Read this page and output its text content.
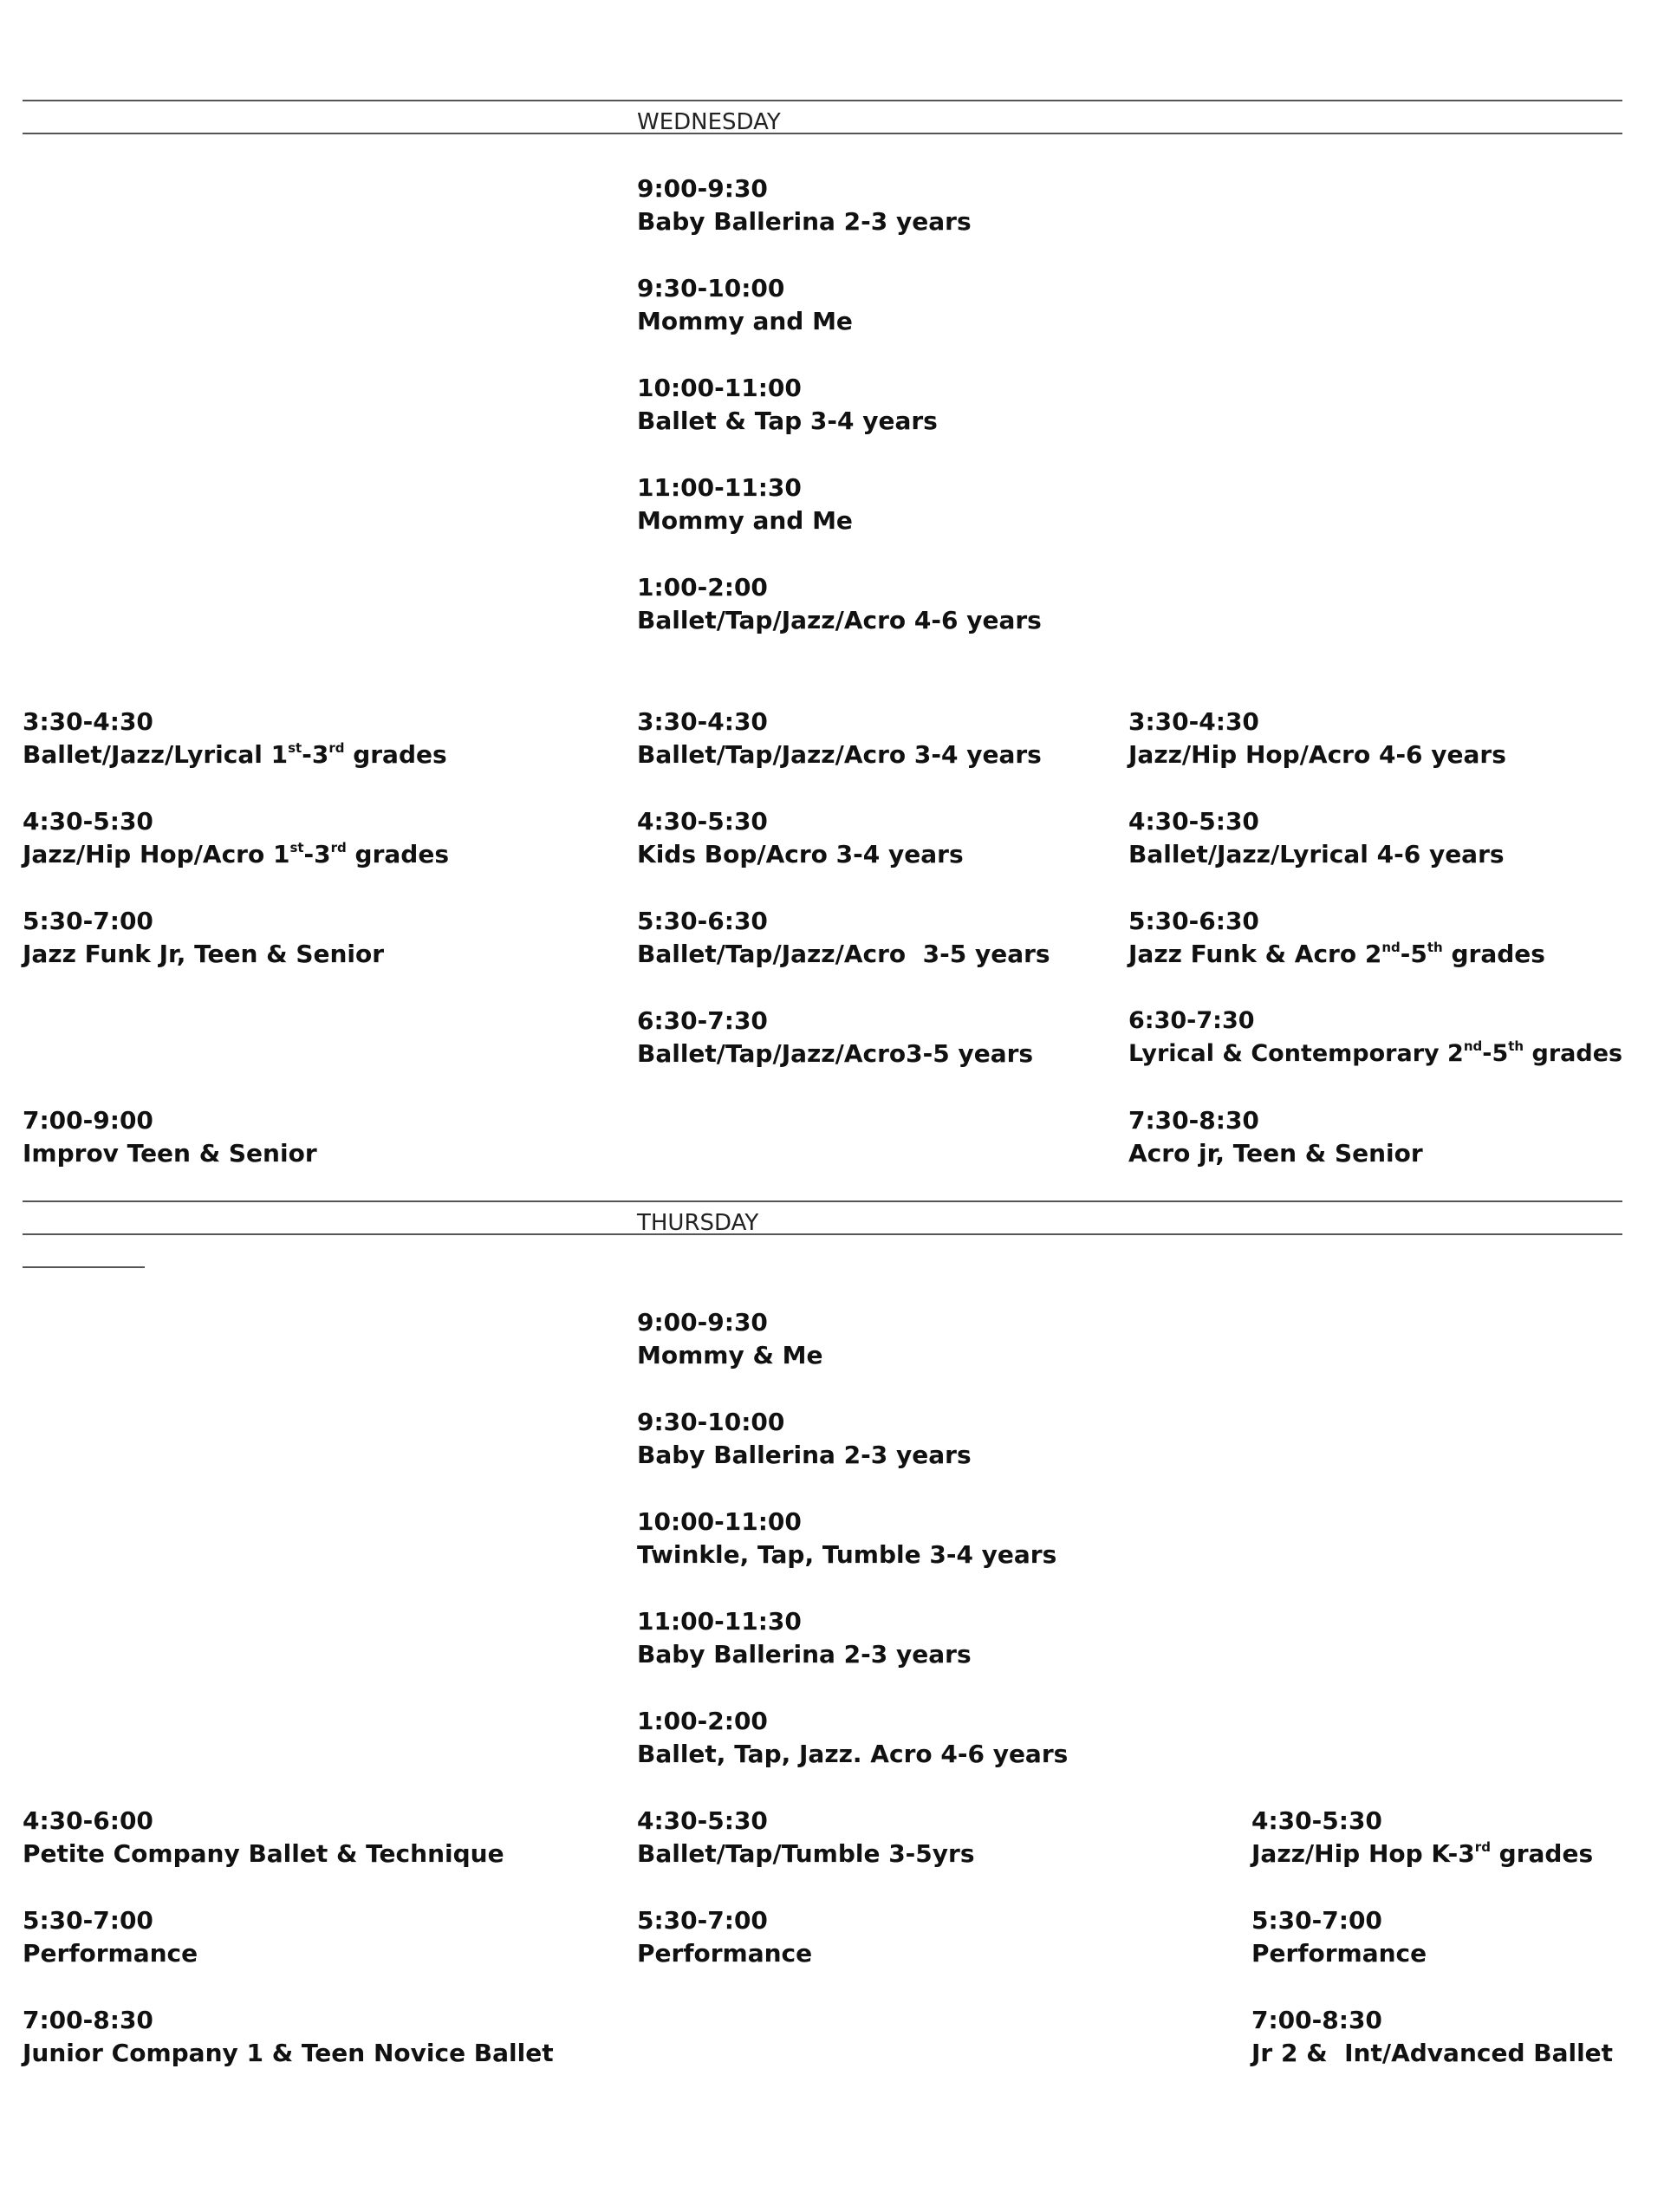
WEDNESDAY
9:00-9:30
Baby Ballerina 2-3 years
9:30-10:00
Mommy and Me
10:00-11:00
Ballet & Tap 3-4 years
11:00-11:30
Mommy and Me
1:00-2:00
Ballet/Tap/Jazz/Acro 4-6 years
3:30-4:30
Ballet/Jazz/Lyrical 1st-3rd grades
4:30-5:30
Jazz/Hip Hop/Acro 1st-3rd grades
5:30-7:00
Jazz Funk Jr, Teen & Senior
7:00-9:00
Improv Teen & Senior
3:30-4:30
Ballet/Tap/Jazz/Acro 3-4 years
4:30-5:30
Kids Bop/Acro 3-4 years
5:30-6:30
Ballet/Tap/Jazz/Acro  3-5 years
6:30-7:30
Ballet/Tap/Jazz/Acro3-5 years
3:30-4:30
Jazz/Hip Hop/Acro 4-6 years
4:30-5:30
Ballet/Jazz/Lyrical 4-6 years
5:30-6:30
Jazz Funk & Acro 2nd-5th grades
6:30-7:30
Lyrical & Contemporary 2nd-5th grades
7:30-8:30
Acro jr, Teen & Senior
THURSDAY
9:00-9:30
Mommy & Me
9:30-10:00
Baby Ballerina 2-3 years
10:00-11:00
Twinkle, Tap, Tumble 3-4 years
11:00-11:30
Baby Ballerina 2-3 years
1:00-2:00
Ballet, Tap, Jazz. Acro 4-6 years
4:30-6:00
Petite Company Ballet & Technique
5:30-7:00
Performance
7:00-8:30
Junior Company 1 & Teen Novice Ballet
4:30-5:30
Ballet/Tap/Tumble 3-5yrs
5:30-7:00
Performance
4:30-5:30
Jazz/Hip Hop K-3rd grades
5:30-7:00
Performance
7:00-8:30
Jr 2 &  Int/Advanced Ballet
